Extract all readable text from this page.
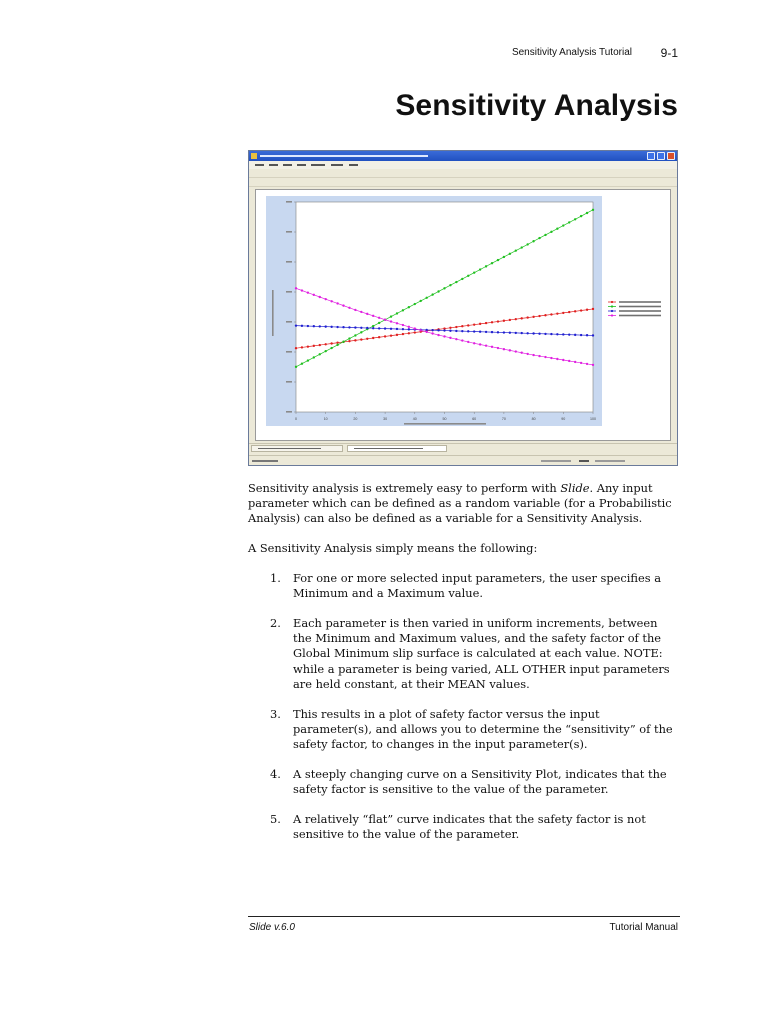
Sensitivity Analysis Tutorial 9-1
Sensitivity Analysis
0	10	20	30	40	50	60	70	80	90	100

Sensitivity analysis is extremely easy to perform with Slide. Any input
parameter which can be defined as a random variable (for a Probabilistic
Analysis) can also be defined as a variable for a Sensitivity Analysis.

A Sensitivity Analysis simply means the following:

1. For one or more selected input parameters, the user specifies a
Minimum and a Maximum value.
2. Each parameter is then varied in uniform increments, between
the Minimum and Maximum values, and the safety factor of the
Global Minimum slip surface is calculated at each value. NOTE:
while a parameter is being varied, ALL OTHER input parameters
are held constant, at their MEAN values.
3. This results in a plot of safety factor versus the input
parameter(s), and allows you to determine the “sensitivity” of the
safety factor, to changes in the input parameter(s).
4. A steeply changing curve on a Sensitivity Plot, indicates that the
safety factor is sensitive to the value of the parameter.
5. A relatively “flat” curve indicates that the safety factor is not
sensitive to the value of the parameter.
Slide v.6.0	Tutorial Manual
